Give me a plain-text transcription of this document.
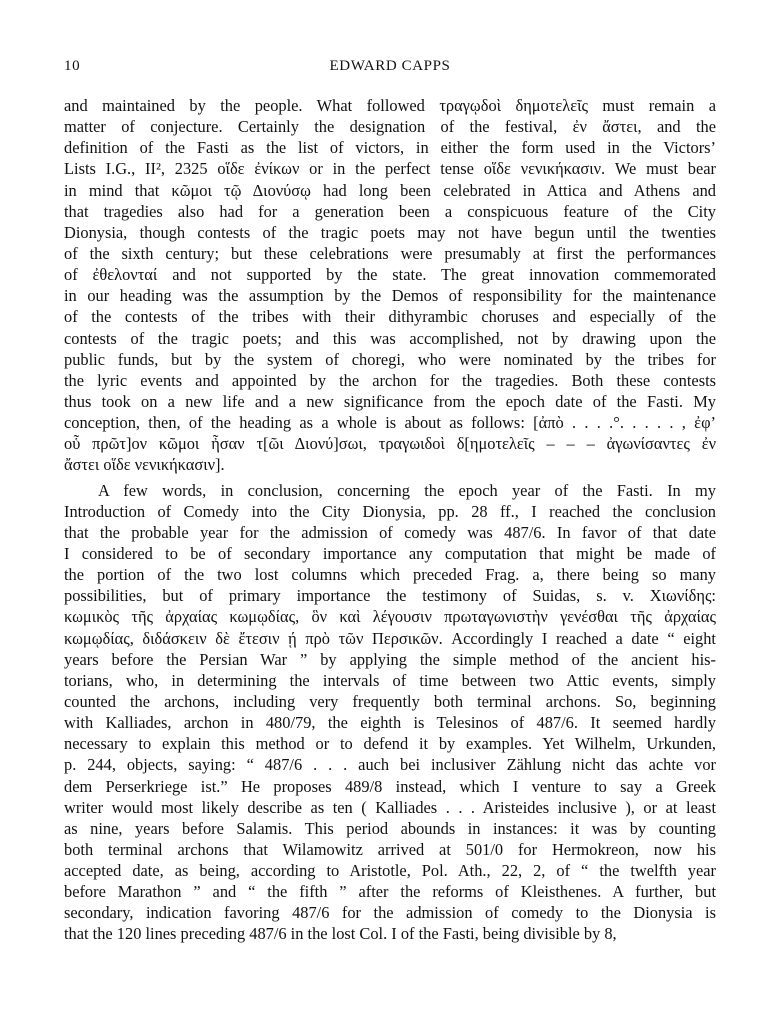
10	EDWARD CAPPS
and maintained by the people. What followed τραγῳδοὶ δημοτελεῖς must remain a
matter of conjecture. Certainly the designation of the festival, ἐν ἄστει, and the
definition of the Fasti as the list of victors, in either the form used in the Victors’
Lists I.G., II², 2325 οἵδε ἐνίκων or in the perfect tense οἵδε νενικήκασιν. We must bear
in mind that κῶμοι τῷ Διονύσῳ had long been celebrated in Attica and Athens and
that tragedies also had for a generation been a conspicuous feature of the City
Dionysia, though contests of the tragic poets may not have begun until the twenties
of the sixth century; but these celebrations were presumably at first the performances
of ἐθελονταί and not supported by the state. The great innovation commemorated
in our heading was the assumption by the Demos of responsibility for the maintenance
of the contests of the tribes with their dithyrambic choruses and especially of the
contests of the tragic poets; and this was accomplished, not by drawing upon the
public funds, but by the system of choregi, who were nominated by the tribes for
the lyric events and appointed by the archon for the tragedies. Both these contests
thus took on a new life and a new significance from the epoch date of the Fasti. My
conception, then, of the heading as a whole is about as follows: [ἀπὸ . . . .°. . . . . , ἐφ’
οὗ πρῶτ]ον κῶμοι ἦσαν τ[ῶι Διονύ]σωι, τραγωιδοὶ δ[ημοτελεῖς – – – ἀγωνίσαντες ἐν
ἄστει οἵδε νενικήκασιν].
A few words, in conclusion, concerning the epoch year of the Fasti. In my
Introduction of Comedy into the City Dionysia, pp. 28 ff., I reached the conclusion
that the probable year for the admission of comedy was 487/6. In favor of that date
I considered to be of secondary importance any computation that might be made of
the portion of the two lost columns which preceded Frag. a, there being so many
possibilities, but of primary importance the testimony of Suidas, s. v. Χιωνίδης:
κωμικὸς τῆς ἀρχαίας κωμῳδίας, ὃν καὶ λέγουσιν πρωταγωνιστὴν γενέσθαι τῆς ἀρχαίας
κωμῳδίας, διδάσκειν δὲ ἔτεσιν ῄ πρὸ τῶν Περσικῶν. Accordingly I reached a date “ eight
years before the Persian War ” by applying the simple method of the ancient his-
torians, who, in determining the intervals of time between two Attic events, simply
counted the archons, including very frequently both terminal archons. So, beginning
with Kalliades, archon in 480/79, the eighth is Telesinos of 487/6. It seemed hardly
necessary to explain this method or to defend it by examples. Yet Wilhelm, Urkunden,
p. 244, objects, saying: “ 487/6 . . . auch bei inclusiver Zählung nicht das achte vor
dem Perserkriege ist.” He proposes 489/8 instead, which I venture to say a Greek
writer would most likely describe as ten ( Kalliades . . . Aristeides inclusive ), or at least
as nine, years before Salamis. This period abounds in instances: it was by counting
both terminal archons that Wilamowitz arrived at 501/0 for Hermokreon, now his
accepted date, as being, according to Aristotle, Pol. Ath., 22, 2, of “ the twelfth year
before Marathon ” and “ the fifth ” after the reforms of Kleisthenes. A further, but
secondary, indication favoring 487/6 for the admission of comedy to the Dionysia is
that the 120 lines preceding 487/6 in the lost Col. I of the Fasti, being divisible by 8,
